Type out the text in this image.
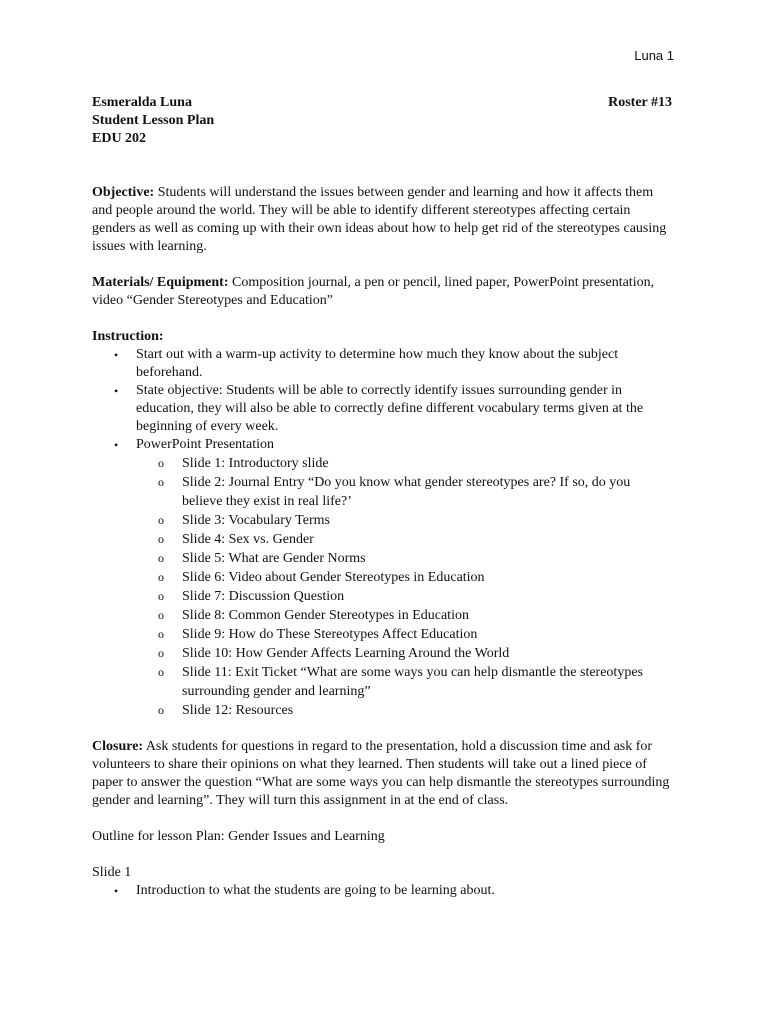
Luna 1
Esmeralda Luna	Roster #13
Student Lesson Plan
EDU 202

Objective: Students will understand the issues between gender and learning and how it affects them and people around the world. They will be able to identify different stereotypes affecting certain genders as well as coming up with their own ideas about how to help get rid of the stereotypes causing issues with learning.

Materials/ Equipment: Composition journal, a pen or pencil, lined paper, PowerPoint presentation, video “Gender Stereotypes and Education”

Instruction:
• Start out with a warm-up activity to determine how much they know about the subject beforehand.
• State objective: Students will be able to correctly identify issues surrounding gender in education, they will also be able to correctly define different vocabulary terms given at the beginning of every week.
• PowerPoint Presentation
o Slide 1: Introductory slide
o Slide 2: Journal Entry “Do you know what gender stereotypes are? If so, do you believe they exist in real life?’
o Slide 3: Vocabulary Terms
o Slide 4: Sex vs. Gender
o Slide 5: What are Gender Norms
o Slide 6: Video about Gender Stereotypes in Education
o Slide 7: Discussion Question
o Slide 8: Common Gender Stereotypes in Education
o Slide 9: How do These Stereotypes Affect Education
o Slide 10: How Gender Affects Learning Around the World
o Slide 11: Exit Ticket “What are some ways you can help dismantle the stereotypes surrounding gender and learning”
o Slide 12: Resources

Closure: Ask students for questions in regard to the presentation, hold a discussion time and ask for volunteers to share their opinions on what they learned. Then students will take out a lined piece of paper to answer the question “What are some ways you can help dismantle the stereotypes surrounding gender and learning”. They will turn this assignment in at the end of class.

Outline for lesson Plan: Gender Issues and Learning

Slide 1

• Introduction to what the students are going to be learning about.
